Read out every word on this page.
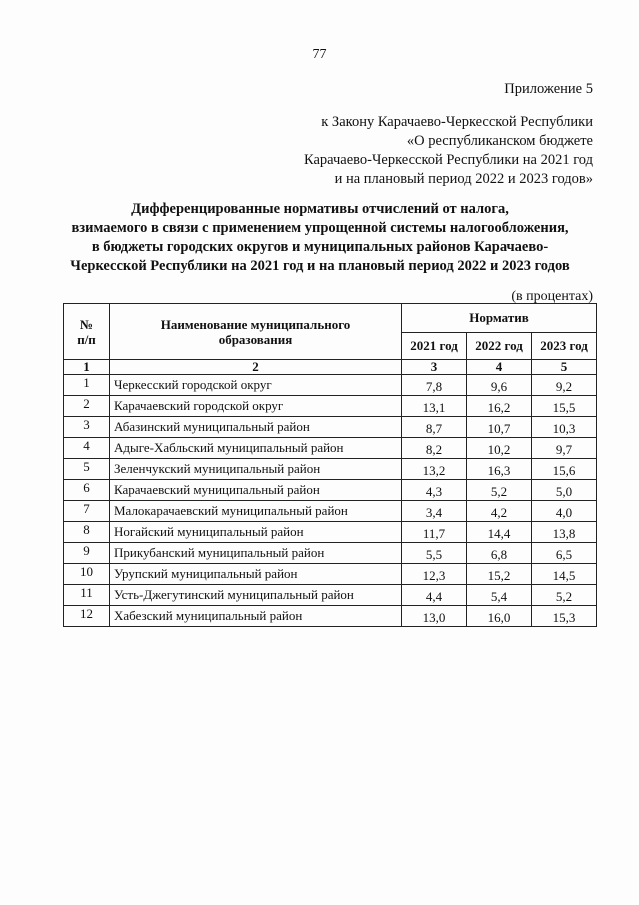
77
Приложение 5
к Закону Карачаево-Черкесской Республики
«О республиканском бюджете
Карачаево-Черкесской Республики на 2021 год
и на плановый период 2022 и 2023 годов»
Дифференцированные нормативы отчислений от налога,
взимаемого в связи с применением упрощенной системы налогообложения,
в бюджеты городских округов и муниципальных районов Карачаево-
Черкесской Республики на 2021 год и на плановый период 2022 и 2023 годов
(в процентах)
№
п/п	Наименование муниципального образования	Норматив		
		2021 год	2022 год	2023 год
1	2	3	4	5
1	Черкесский городской округ	7,8	9,6	9,2
2	Карачаевский городской округ	13,1	16,2	15,5
3	Абазинский муниципальный район	8,7	10,7	10,3
4	Адыге-Хабльский муниципальный район	8,2	10,2	9,7
5	Зеленчукский муниципальный район	13,2	16,3	15,6
6	Карачаевский муниципальный район	4,3	5,2	5,0
7	Малокарачаевский муниципальный район	3,4	4,2	4,0
8	Ногайский муниципальный район	11,7	14,4	13,8
9	Прикубанский муниципальный район	5,5	6,8	6,5
10	Урупский муниципальный район	12,3	15,2	14,5
11	Усть-Джегутинский муниципальный район	4,4	5,4	5,2
12	Хабезский муниципальный район	13,0	16,0	15,3
